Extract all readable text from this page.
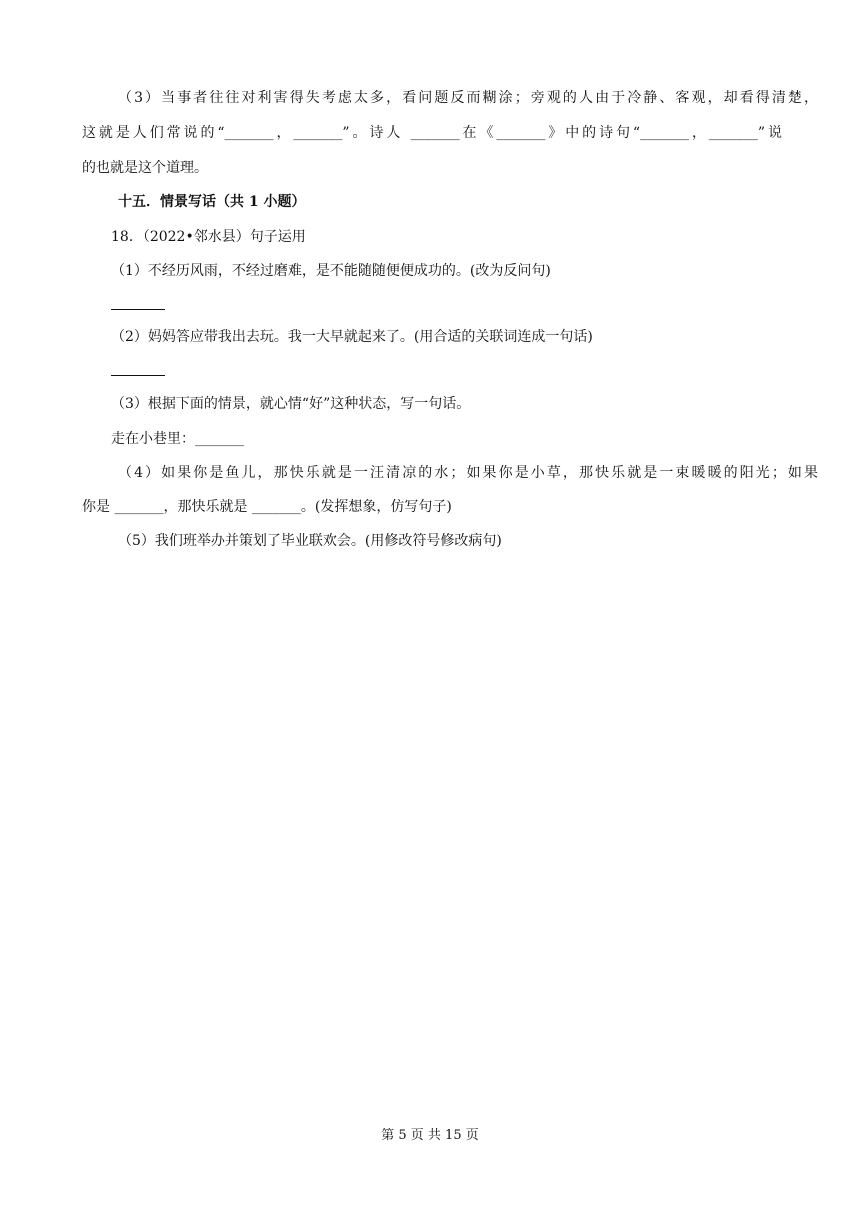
（3）当事者往往对利害得失考虑太多，看问题反而糊涂；旁观的人由于冷静、客观，却看得清楚，
这就是人们常说的“_______，_______”。诗人 _______在《_______》中的诗句“_______，_______”说
的也就是这个道理。
十五．情景写话（共 1 小题）
18．（2022•邻水县）句子运用
（1）不经历风雨，不经过磨难，是不能随随便便成功的。(改为反问句)
（2）妈妈答应带我出去玩。我一大早就起来了。(用合适的关联词连成一句话)
（3）根据下面的情景，就心情“好”这种状态，写一句话。
走在小巷里：_______
（4）如果你是鱼儿，那快乐就是一汪清凉的水；如果你是小草，那快乐就是一束暖暖的阳光；如果
你是 _______，那快乐就是 _______。(发挥想象，仿写句子)
（5）我们班举办并策划了毕业联欢会。(用修改符号修改病句)
第 5 页 共 15 页
